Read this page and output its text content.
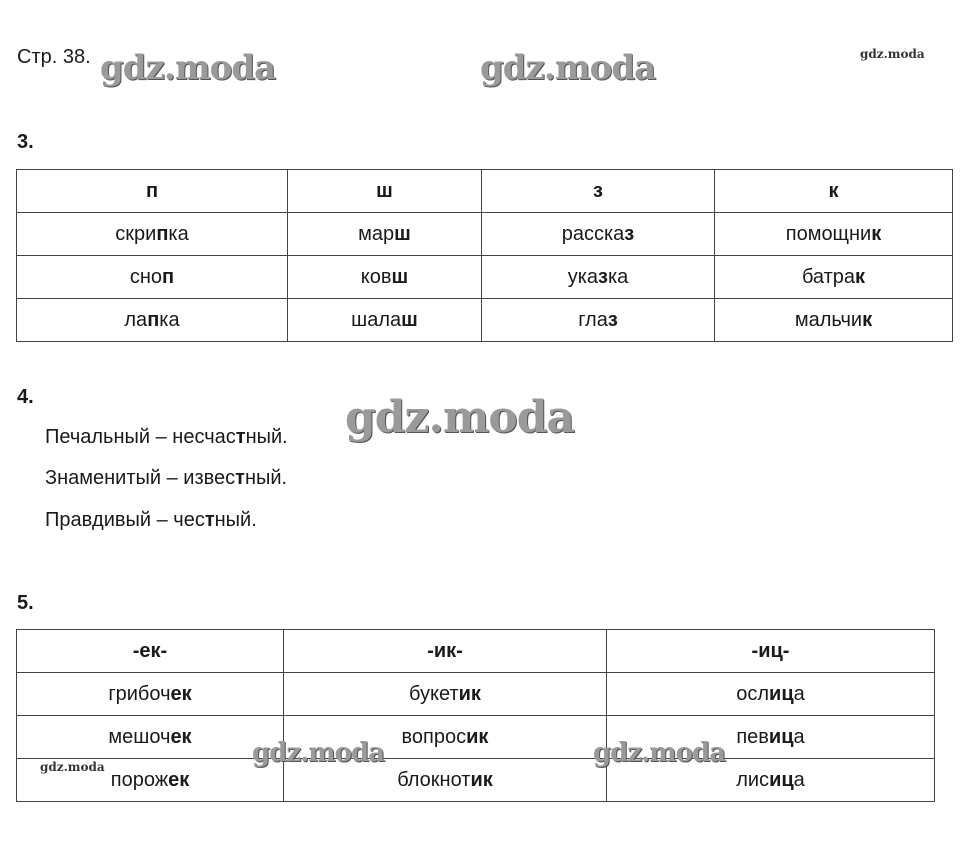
Стр. 38.
3.
п	ш	з	к
скрипка	марш	рассказ	помощник
сноп	ковш	указка	батрак
лапка	шалаш	глаз	мальчик
4.
Печальный – несчастный.
Знаменитый – известный.
Правдивый – честный.
5.
-ек-	-ик-	-иц-
грибочек	букетик	ослица
мешочек	вопросик	певица
порожек	блокнотик	лисица
gdz.moda	gdz.moda	gdz.moda
gdz.moda
gdz.moda	gdz.moda
gdz.moda
